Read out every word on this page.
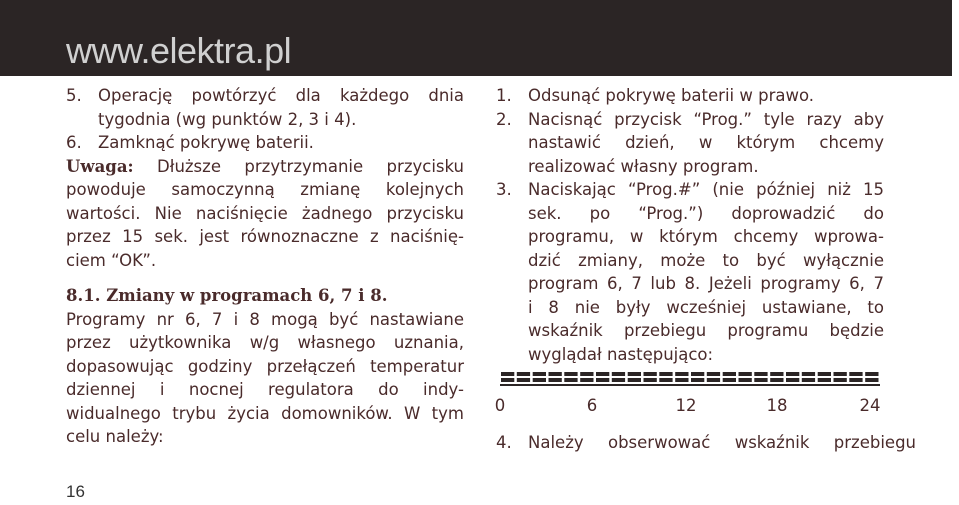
www.elektra.pl
5. Operację powtórzyć dla każdego dnia
tygodnia (wg punktów 2, 3 i 4).
6. Zamknąć pokrywę baterii.
Uwaga: Dłuższe przytrzymanie przycisku
powoduje samoczynną zmianę kolejnych
wartości. Nie naciśnięcie żadnego przycisku
przez 15 sek. jest równoznaczne z naciśnię-
ciem “OK”.
8.1. Zmiany w programach 6, 7 i 8.
Programy nr 6, 7 i 8 mogą być nastawiane
przez użytkownika w/g własnego uznania,
dopasowując godziny przełączeń temperatur
dziennej i nocnej regulatora do indy-
widualnego trybu życia domowników. W tym
celu należy:
1. Odsunąć pokrywę baterii w prawo.
2. Nacisnąć przycisk “Prog.” tyle razy aby
nastawić dzień, w którym chcemy
realizować własny program.
3. Naciskając “Prog.#” (nie później niż 15
sek. po “Prog.”) doprowadzić do
programu, w którym chcemy wprowa-
dzić zmiany, może to być wyłącznie
program 6, 7 lub 8. Jeżeli programy 6, 7
i 8 nie były wcześniej ustawiane, to
wskaźnik przebiegu programu będzie
wyglądał następująco:
0	6	12	18	24
4. Należy obserwować wskaźnik przebiegu
16
